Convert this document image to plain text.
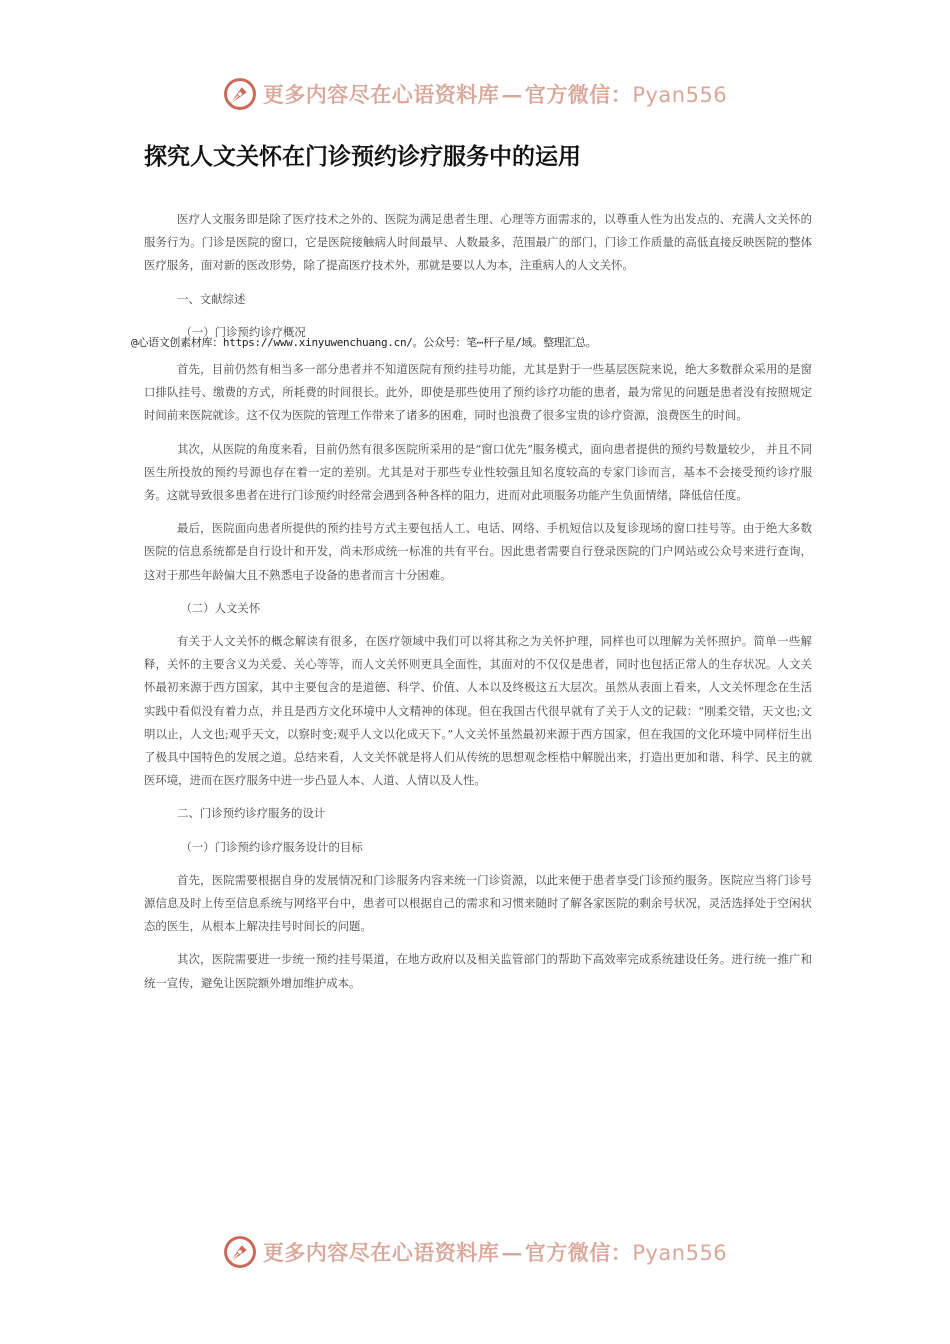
更多内容尽在心语资料库—官方微信：Pyan556
探究人文关怀在门诊预约诊疗服务中的运用
@心语文创素材库：https://www.xinyuwenchuang.cn/。公众号：笔⋯杆子星/域。整理汇总。

医疗人文服务即是除了医疗技术之外的、医院为满足患者生理、心理等方面需求的，以尊重人性为出发点的、充满人文关怀的服务行为。门诊是医院的窗口，它是医院接触病人时间最早、人数最多，范围最广的部门，门诊工作质量的高低直接反映医院的整体医疗服务，面对新的医改形势，除了提高医疗技术外，那就是要以人为本，注重病人的人文关怀。

一、文献综述
（一）门诊预约诊疗概况

首先，目前仍然有相当多一部分患者并不知道医院有预约挂号功能，尤其是對于一些基层医院来说，绝大多数群众采用的是窗口排队挂号、缴费的方式，所耗费的时间很长。此外，即使是那些使用了预约诊疗功能的患者，最为常见的问题是患者没有按照规定时间前来医院就诊。这不仅为医院的管理工作带来了诸多的困难，同时也浪费了很多宝贵的诊疗资源，浪费医生的时间。

其次，从医院的角度来看，目前仍然有很多医院所采用的是“窗口优先”服务模式，面向患者提供的预约号数量较少， 并且不同医生所投放的预约号源也存在着一定的差别。尤其是对于那些专业性较强且知名度较高的专家门诊而言，基本不会接受预约诊疗服务。这就导致很多患者在进行门诊预约时经常会遇到各种各样的阻力，进而对此项服务功能产生负面情绪，降低信任度。

最后，医院面向患者所提供的预约挂号方式主要包括人工、电话、网络、手机短信以及复诊现场的窗口挂号等。由于绝大多数医院的信息系统都是自行设计和开发，尚未形成统一标准的共有平台。因此患者需要自行登录医院的门户网站或公众号来进行查询，这对于那些年龄偏大且不熟悉电子设备的患者而言十分困难。

（二）人文关怀

有关于人文关怀的概念解读有很多，在医疗领域中我们可以将其称之为关怀护理，同样也可以理解为关怀照护。简单一些解释，关怀的主要含义为关爱、关心等等，而人文关怀则更具全面性，其面对的不仅仅是患者，同时也包括正常人的生存状况。人文关怀最初来源于西方国家，其中主要包含的是道德、科学、价值、人本以及终极这五大层次。虽然从表面上看来，人文关怀理念在生活实践中看似没有着力点，并且是西方文化环境中人文精神的体现。但在我国古代很早就有了关于人文的记载：“刚柔交错，天文也;文明以止，人文也;观乎天文，以察时变;观乎人文以化成天下。”人文关怀虽然最初来源于西方国家，但在我国的文化环境中同样衍生出了极具中国特色的发展之道。总结来看，人文关怀就是将人们从传统的思想观念桎梏中解脱出来，打造出更加和谐、科学、民主的就医环境，进而在医疗服务中进一步凸显人本、人道、人情以及人性。

二、门诊预约诊疗服务的设计
（一）门诊预约诊疗服务设计的目标

首先，医院需要根据自身的发展情况和门诊服务内容来统一门诊资源，以此来便于患者享受门诊预约服务。医院应当将门诊号源信息及时上传至信息系统与网络平台中，患者可以根据自己的需求和习惯来随时了解各家医院的剩余号状况，灵活选择处于空闲状态的医生，从根本上解决挂号时间长的问题。

其次，医院需要进一步统一预约挂号渠道，在地方政府以及相关监管部门的帮助下高效率完成系统建设任务。进行统一推广和统一宣传，避免让医院额外增加维护成本。

更多内容尽在心语资料库—官方微信：Pyan556
